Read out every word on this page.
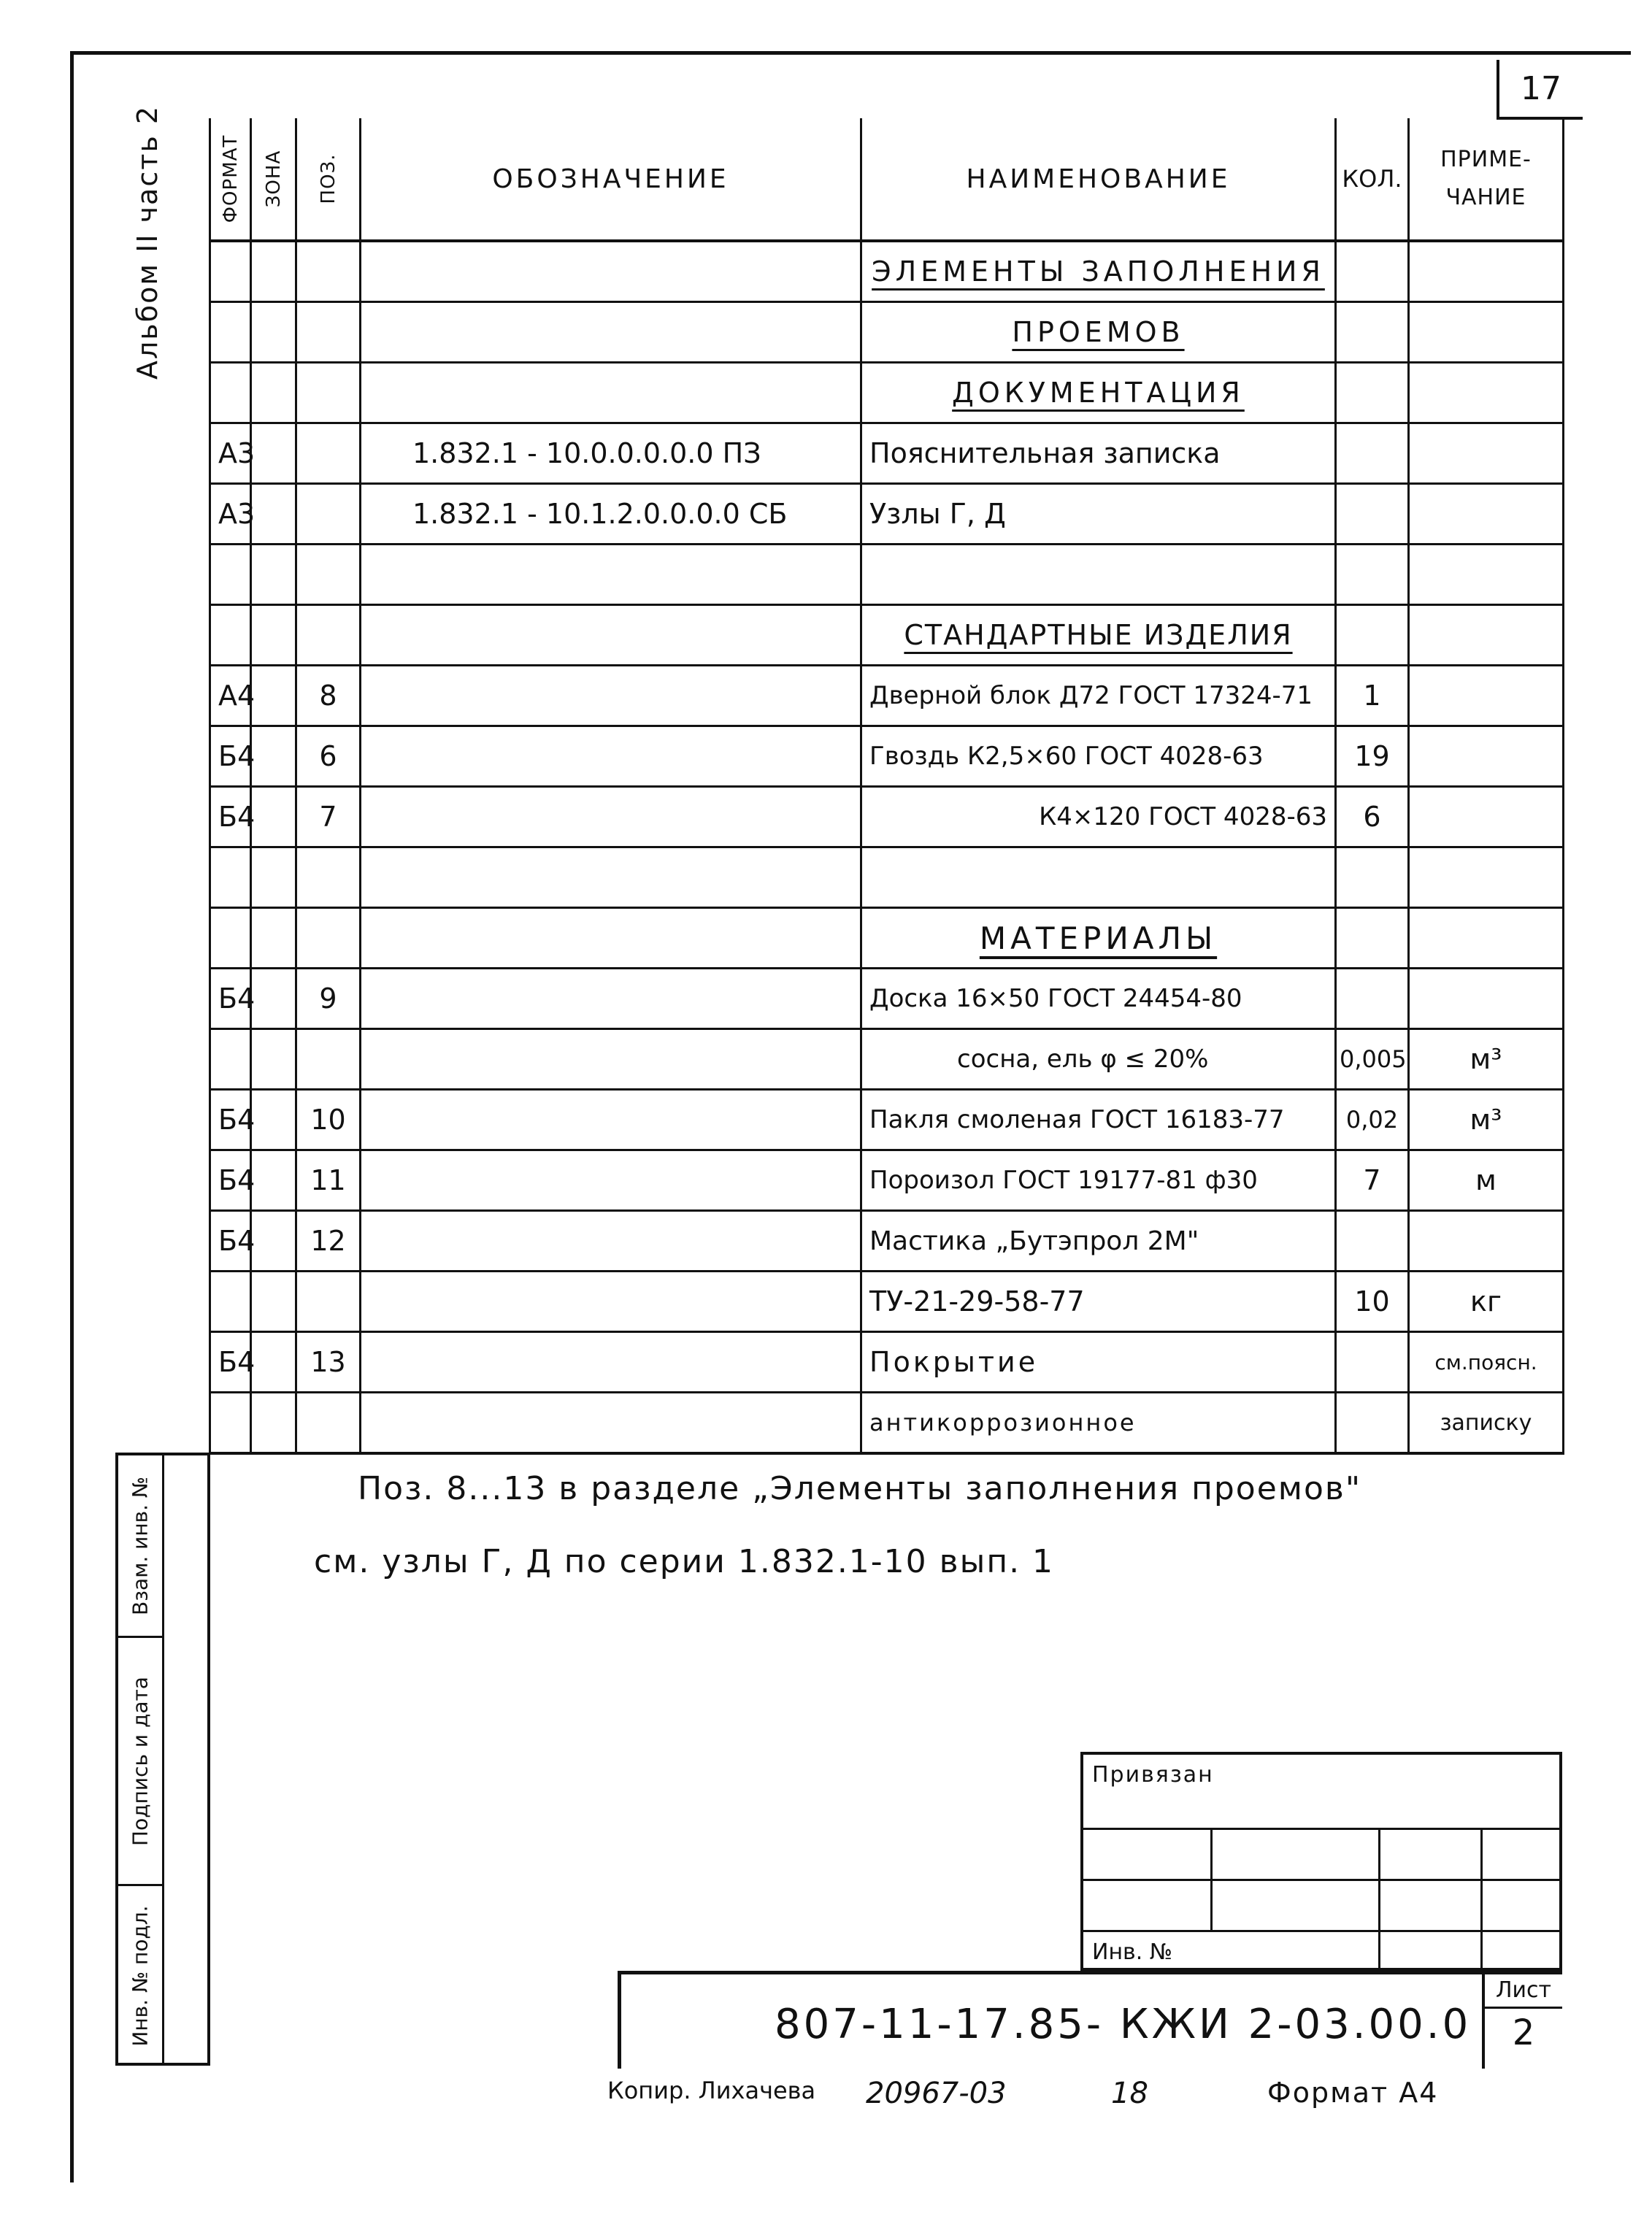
17
Альбом II часть 2	ФОРМАТ	ЗОНА	ПОЗ.	ОБОЗНАЧЕНИЕ	НАИМЕНОВАНИЕ	КОЛ.	ПРИМЕ-ЧАНИЕ
				ЭЛЕМЕНТЫ ЗАПОЛНЕНИЯ		
				ПРОЕМОВ		
				ДОКУМЕНТАЦИЯ		
А3			1.832.1 - 10.0.0.0.0.0 ПЗ	Пояснительная записка		
А3			1.832.1 - 10.1.2.0.0.0.0 СБ	Узлы Г, Д		

				СТАНДАРТНЫЕ ИЗДЕЛИЯ		
А4		8		Дверной блок Д72 ГОСТ 17324-71	1	
Б4		6		Гвоздь К2,5×60 ГОСТ 4028-63	19	
Б4		7		К4×120 ГОСТ 4028-63	6	

				МАТЕРИАЛЫ		
Б4		9		Доска 16×50 ГОСТ 24454-80		
				сосна, ель φ ≤ 20%	0,005	м³
Б4		10		Пакля смоленая ГОСТ 16183-77	0,02	м³
Б4		11		Пороизол ГОСТ 19177-81 ф30	7	м
Б4		12		Мастика „Бутэпрол 2М"		
				ТУ-21-29-58-77	10	кг
Б4		13		Покрытие		см.поясн.
				антикоррозионное		записку
Поз. 8...13 в разделе „Элементы заполнения проемов"
см. узлы Г, Д по серии 1.832.1-10 вып. 1
Взам. инв. №
Подпись и дата
Инв. № подл.
Привязан
Инв. №
807-11-17.85- КЖИ 2-03.00.0
Лист
2
Копир. Лихачева 20967-03	18	Формат А4
